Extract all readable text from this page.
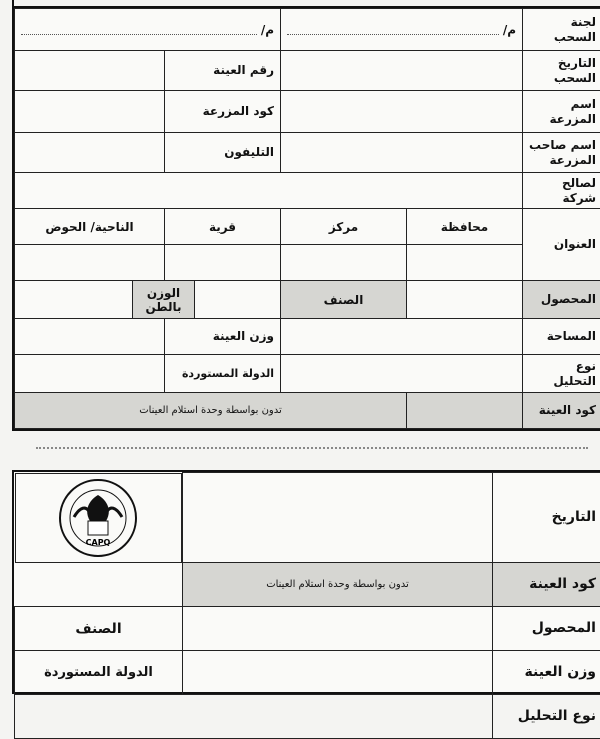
لجنة السحب	م/		م/			

التاريخ السحب			رقم العينة			
اسم المزرعة			كود المزرعة			
اسم صاحب المزرعة			التليفون			
لصالح شركة						
العنوان	محافظة	مركز	قرية		الناحية/ الحوض	

المحصول		الصنف		الوزن بالطن		
المساحة			وزن العينة			
نوع التحليل			الدولة المستوردة			
كود العينة		تدون بواسطة وحدة استلام العينات				
التاريخ		
CAPQ

كود العينة	تدون بواسطة وحدة استلام العينات	
المحصول		الصنف
وزن العينة		الدولة المستوردة
نوع التحليل		
